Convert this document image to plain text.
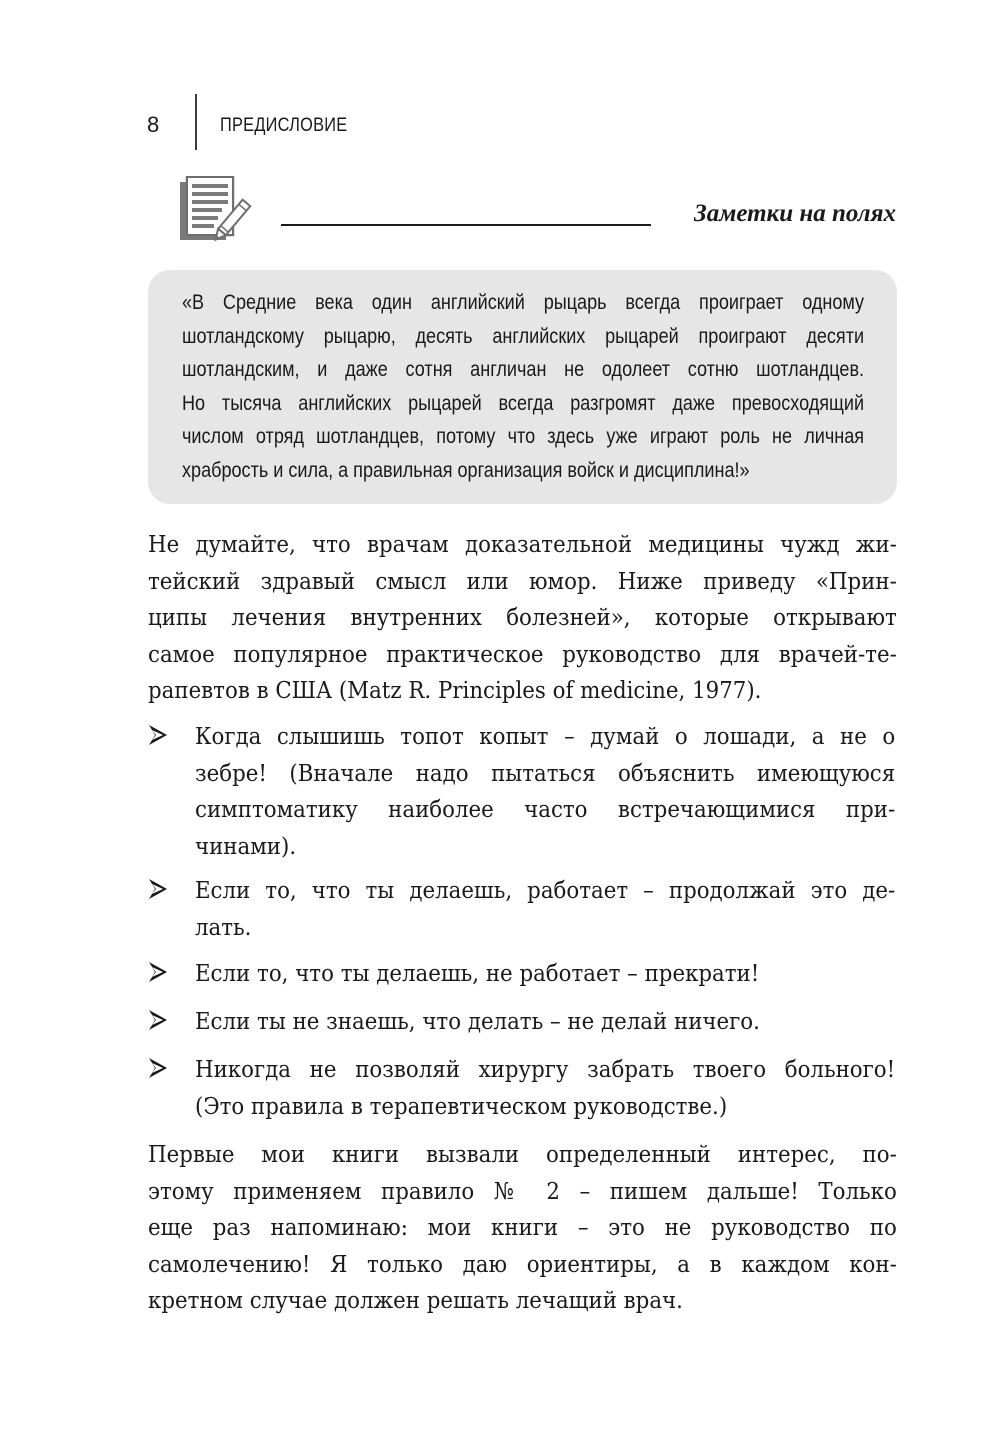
8	ПРЕДИСЛОВИЕ
Заметки на полях
«В Средние века один английский рыцарь всегда проиграет одному
шотландскому рыцарю, десять английских рыцарей проиграют десяти
шотландским, и даже сотня англичан не одолеет сотню шотландцев.
Но тысяча английских рыцарей всегда разгромят даже превосходящий
числом отряд шотландцев, потому что здесь уже играют роль не личная
храбрость и сила, а правильная организация войск и дисциплина!»
Не думайте, что врачам доказательной медицины чужд жи-
тейский здравый смысл или юмор. Ниже приведу «Прин-
ципы лечения внутренних болезней», которые открывают
самое популярное практическое руководство для врачей-те-
рапевтов в США (Matz R. Principles of medicine, 1977).
Когда слышишь топот копыт – думай о лошади, а не о
зебре! (Вначале надо пытаться объяснить имеющуюся
симптоматику наиболее часто встречающимися при-
чинами).
Если то, что ты делаешь, работает – продолжай это де-
лать.
Если то, что ты делаешь, не работает – прекрати!
Если ты не знаешь, что делать – не делай ничего.
Никогда не позволяй хирургу забрать твоего больного!
(Это правила в терапевтическом руководстве.)
Первые мои книги вызвали определенный интерес, по-
этому применяем правило № 2 – пишем дальше! Только
еще раз напоминаю: мои книги – это не руководство по
самолечению! Я только даю ориентиры, а в каждом кон-
кретном случае должен решать лечащий врач.
